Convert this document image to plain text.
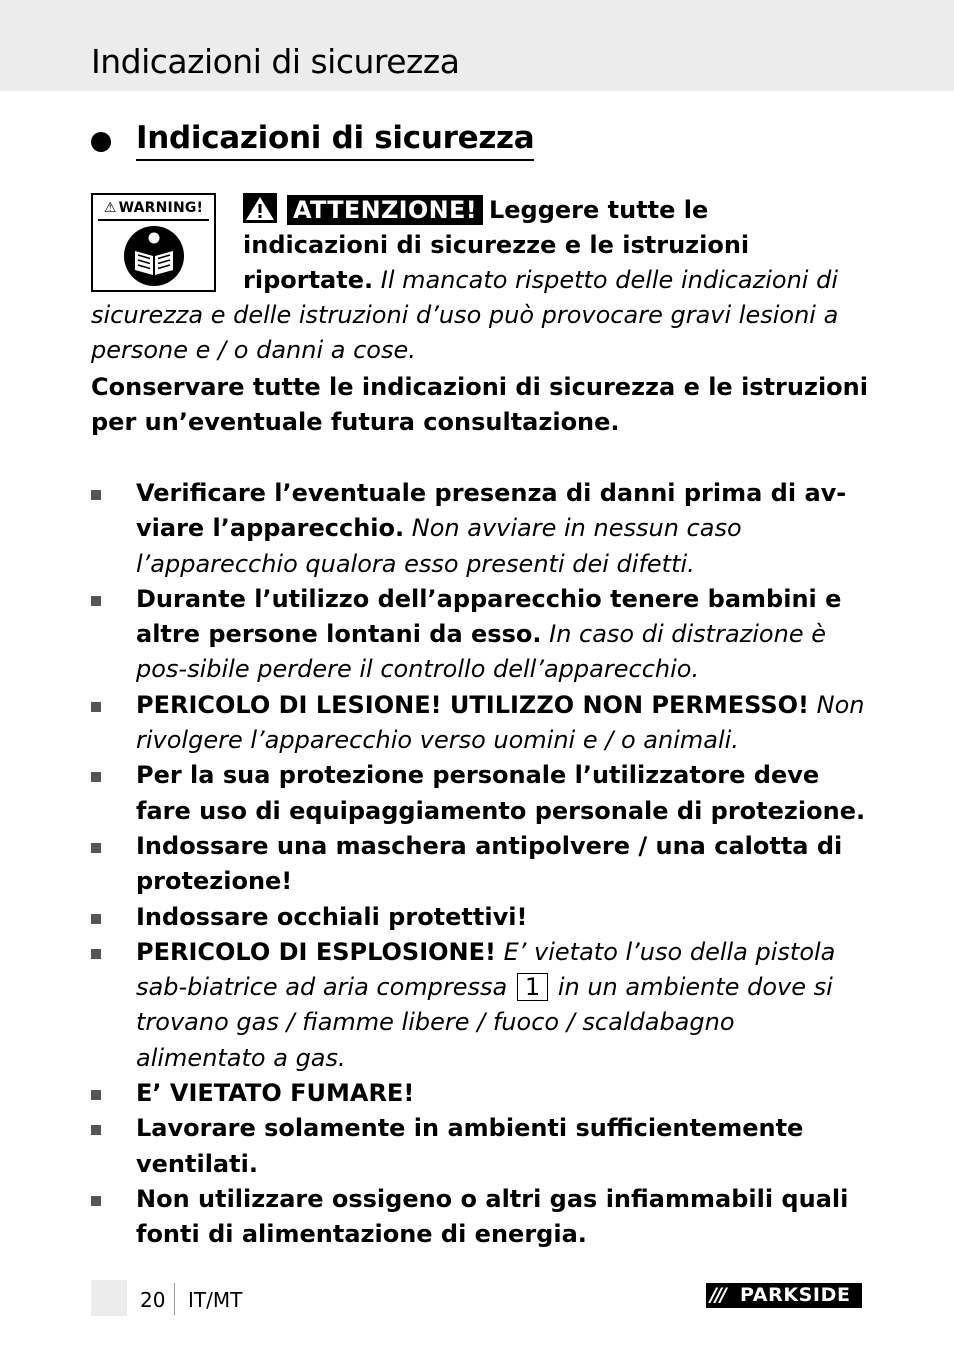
Indicazioni di sicurezza
Indicazioni di sicurezza
⚠ WARNING!	ATTENZIONE! Leggere tutte le indicazioni di sicurezze e le istruzioni riportate. Il mancato rispetto delle indicazioni di sicurezza e delle istruzioni d’uso può provocare gravi lesioni a persone e / o danni a cose.
Conservare tutte le indicazioni di sicurezza e le istruzioni per un’eventuale futura consultazione.
Verificare l’eventuale presenza di danni prima di av-viare l’apparecchio. Non avviare in nessun caso l’apparecchio qualora esso presenti dei difetti.
Durante l’utilizzo dell’apparecchio tenere bambini e altre persone lontani da esso. In caso di distrazione è pos-sibile perdere il controllo dell’apparecchio.
PERICOLO DI LESIONE! UTILIZZO NON PERMESSO! Non rivolgere l’apparecchio verso uomini e / o animali.
Per la sua protezione personale l’utilizzatore deve fare uso di equipaggiamento personale di protezione.
Indossare una maschera antipolvere / una calotta di protezione!
Indossare occhiali protettivi!
PERICOLO DI ESPLOSIONE! E’ vietato l’uso della pistola sab-biatrice ad aria compressa 1 in un ambiente dove si trovano gas / fiamme libere / fuoco / scaldabagno alimentato a gas.
E’ VIETATO FUMARE!
Lavorare solamente in ambienti sufficientemente ventilati.
Non utilizzare ossigeno o altri gas infiammabili quali fonti di alimentazione di energia.
20 IT/MT	/// PARKSIDE
